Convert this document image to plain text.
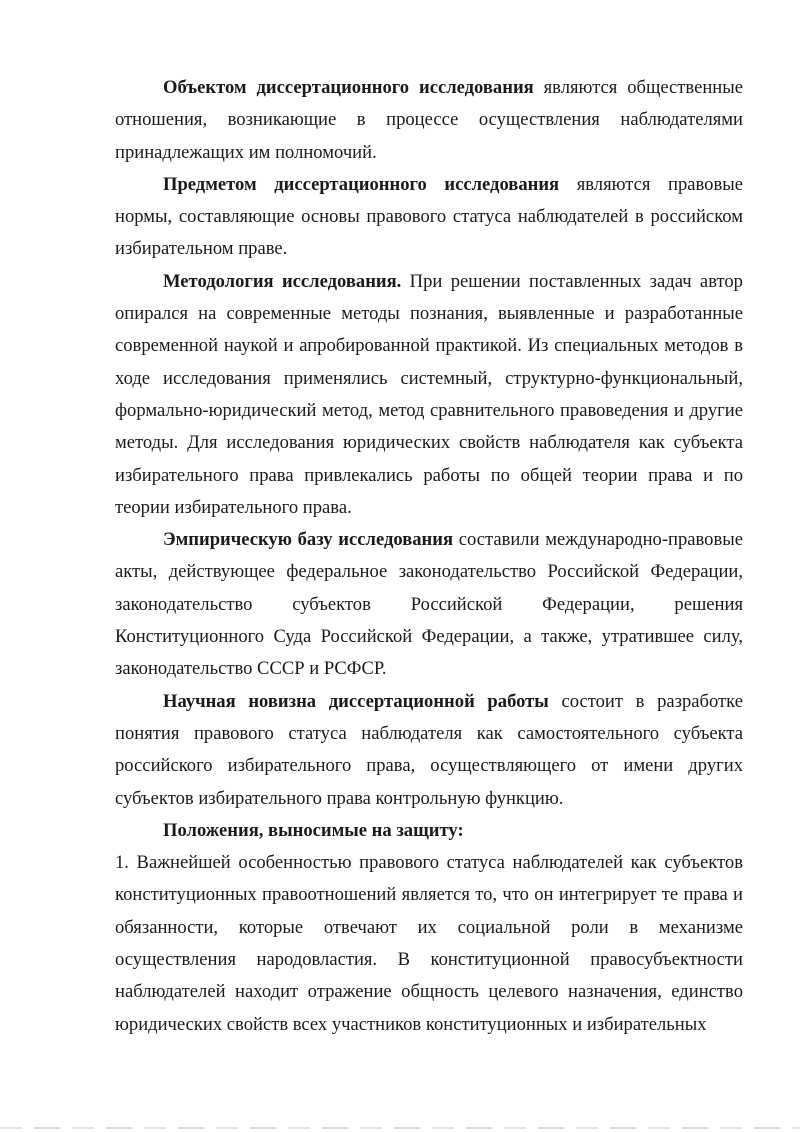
Объектом диссертационного исследования являются общественные отношения, возникающие в процессе осуществления наблюдателями принадлежащих им полномочий.

Предметом диссертационного исследования являются правовые нормы, составляющие основы правового статуса наблюдателей в российском избирательном праве.

Методология исследования. При решении поставленных задач автор опирался на современные методы познания, выявленные и разработанные современной наукой и апробированной практикой. Из специальных методов в ходе исследования применялись системный, структурно-функциональный, формально-юридический метод, метод сравнительного правоведения и другие методы. Для исследования юридических свойств наблюдателя как субъекта избирательного права привлекались работы по общей теории права и по теории избирательного права.

Эмпирическую базу исследования составили международно-правовые акты, действующее федеральное законодательство Российской Федерации, законодательство субъектов Российской Федерации, решения Конституционного Суда Российской Федерации, а также, утратившее силу, законодательство СССР и РСФСР.

Научная новизна диссертационной работы состоит в разработке понятия правового статуса наблюдателя как самостоятельного субъекта российского избирательного права, осуществляющего от имени других субъектов избирательного права контрольную функцию.

Положения, выносимые на защиту:

1. Важнейшей особенностью правового статуса наблюдателей как субъектов конституционных правоотношений является то, что он интегрирует те права и обязанности, которые отвечают их социальной роли в механизме осуществления народовластия. В конституционной правосубъектности наблюдателей находит отражение общность целевого назначения, единство юридических свойств всех участников конституционных и избирательных
